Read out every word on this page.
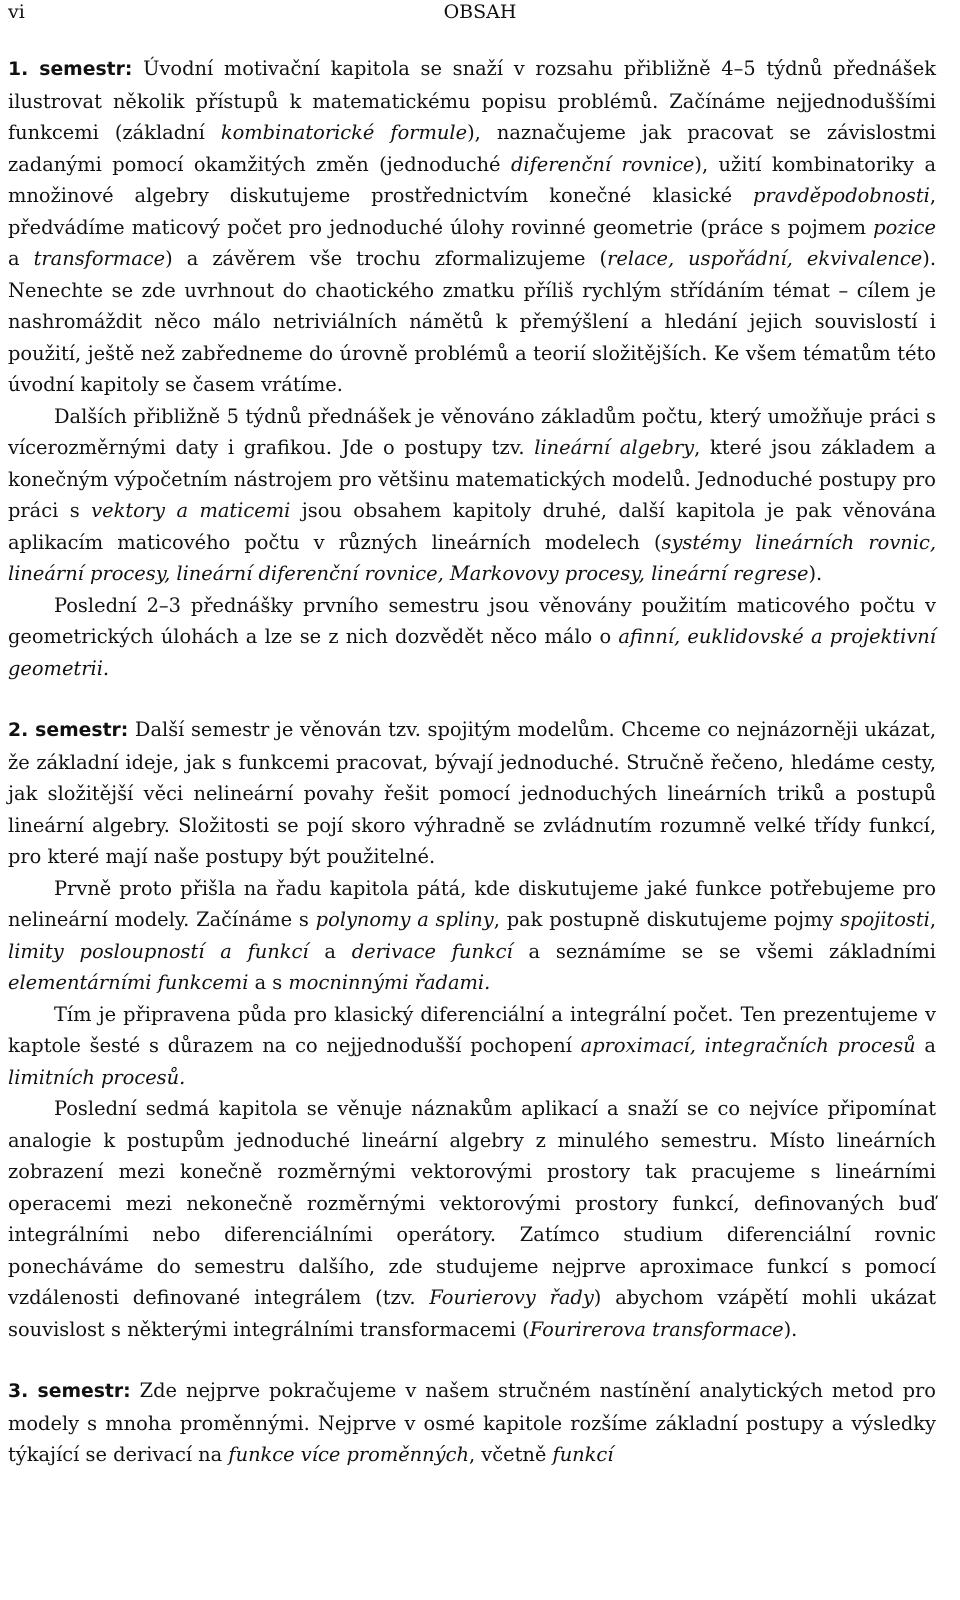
vi	OBSAH

1. semestr: Úvodní motivační kapitola se snaží v rozsahu přibližně 4–5 týdnů přednášek ilustrovat několik přístupů k matematickému popisu problémů. Začínáme nejjednoduššími funkcemi (základní kombinatorické formule), naznačujeme jak pracovat se závislostmi zadanými pomocí okamžitých změn (jednoduché diferenční rovnice), užití kombinatoriky a množinové algebry diskutujeme prostřednictvím konečné klasické pravděpodobnosti, předvádíme maticový počet pro jednoduché úlohy rovinné geometrie (práce s pojmem pozice a transformace) a závěrem vše trochu zformalizujeme (relace, uspořádní, ekvivalence). Nenechte se zde uvrhnout do chaotického zmatku příliš rychlým střídáním témat – cílem je nashromáždit něco málo netriviálních námětů k přemýšlení a hledání jejich souvislostí i použití, ještě než zabředneme do úrovně problémů a teorií složitějších. Ke všem tématům této úvodní kapitoly se časem vrátíme.

Dalších přibližně 5 týdnů přednášek je věnováno základům počtu, který umožňuje práci s vícerozměrnými daty i grafikou. Jde o postupy tzv. lineární algebry, které jsou základem a konečným výpočetním nástrojem pro většinu matematických modelů. Jednoduché postupy pro práci s vektory a maticemi jsou obsahem kapitoly druhé, další kapitola je pak věnována aplikacím maticového počtu v různých lineárních modelech (systémy lineárních rovnic, lineární procesy, lineární diferenční rovnice, Markovovy procesy, lineární regrese).

Poslední 2–3 přednášky prvního semestru jsou věnovány použitím maticového počtu v geometrických úlohách a lze se z nich dozvědět něco málo o afinní, euklidovské a projektivní geometrii.

2. semestr: Další semestr je věnován tzv. spojitým modelům. Chceme co nejnázorněji ukázat, že základní ideje, jak s funkcemi pracovat, bývají jednoduché. Stručně řečeno, hledáme cesty, jak složitější věci nelineární povahy řešit pomocí jednoduchých lineárních triků a postupů lineární algebry. Složitosti se pojí skoro výhradně se zvládnutím rozumně velké třídy funkcí, pro které mají naše postupy být použitelné.

Prvně proto přišla na řadu kapitola pátá, kde diskutujeme jaké funkce potřebujeme pro nelineární modely. Začínáme s polynomy a spliny, pak postupně diskutujeme pojmy spojitosti, limity posloupností a funkcí a derivace funkcí a seznámíme se se všemi základními elementárními funkcemi a s mocninnými řadami.

Tím je připravena půda pro klasický diferenciální a integrální počet. Ten prezentujeme v kaptole šesté s důrazem na co nejjednodušší pochopení aproximací, integračních procesů a limitních procesů.

Poslední sedmá kapitola se věnuje náznakům aplikací a snaží se co nejvíce připomínat analogie k postupům jednoduché lineární algebry z minulého semestru. Místo lineárních zobrazení mezi konečně rozměrnými vektorovými prostory tak pracujeme s lineárními operacemi mezi nekonečně rozměrnými vektorovými prostory funkcí, definovaných buď integrálními nebo diferenciálními operátory. Zatímco studium diferenciální rovnic ponecháváme do semestru dalšího, zde studujeme nejprve aproximace funkcí s pomocí vzdálenosti definované integrálem (tzv. Fourierovy řady) abychom vzápětí mohli ukázat souvislost s některými integrálními transformacemi (Fourirerova transformace).

3. semestr: Zde nejprve pokračujeme v našem stručném nastínění analytických metod pro modely s mnoha proměnnými. Nejprve v osmé kapitole rozšíme základní postupy a výsledky týkající se derivací na funkce více proměnných, včetně funkcí
